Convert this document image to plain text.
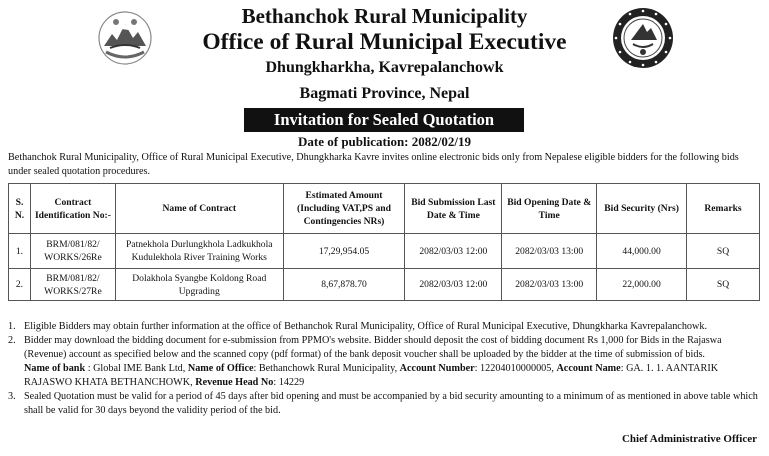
Bethanchok Rural Municipality
Office of Rural Municipal Executive
Dhungkharkha, Kavrepalanchowk
Bagmati Province, Nepal
Invitation for Sealed Quotation
Date of publication: 2082/02/19
Bethanchok Rural Municipality, Office of Rural Municipal Executive, Dhungkharka Kavre invites online electronic bids only from Nepalese eligible bidders for the following bids under sealed quotation procedures.
S. N.	Contract Identification No:-	Name of Contract	Estimated Amount (Including VAT,PS and Contingencies NRs)	Bid Submission Last Date & Time	Bid Opening Date & Time	Bid Security (Nrs)	Remarks
1.	BRM/081/82/ WORKS/26Re	Patnekhola Durlungkhola Ladkukhola Kudulekhola River Training Works	17,29,954.05	2082/03/03 12:00	2082/03/03 13:00	44,000.00	SQ
2.	BRM/081/82/ WORKS/27Re	Dolakhola Syangbe Koldong Road Upgrading	8,67,878.70	2082/03/03 12:00	2082/03/03 13:00	22,000.00	SQ
1. Eligible Bidders may obtain further information at the office of Bethanchok Rural Municipality, Office of Rural Municipal Executive, Dhungkharka Kavrepalanchowk.
2. Bidder may download the bidding document for e-submission from PPMO's website. Bidder should deposit the cost of bidding document Rs 1,000 for Bids in the Rajaswa (Revenue) account as specified below and the scanned copy (pdf format) of the bank deposit voucher shall be uploaded by the bidder at the time of submission of bids.
Name of bank : Global IME Bank Ltd, Name of Office: Bethanchowk Rural Municipality, Account Number: 12204010000005, Account Name: GA. 1. 1. AANTARIK RAJASWO KHATA BETHANCHOWK, Revenue Head No: 14229
3. Sealed Quotation must be valid for a period of 45 days after bid opening and must be accompanied by a bid security amounting to a minimum of as mentioned in above table which shall be valid for 30 days beyond the validity period of the bid.
Chief Administrative Officer
